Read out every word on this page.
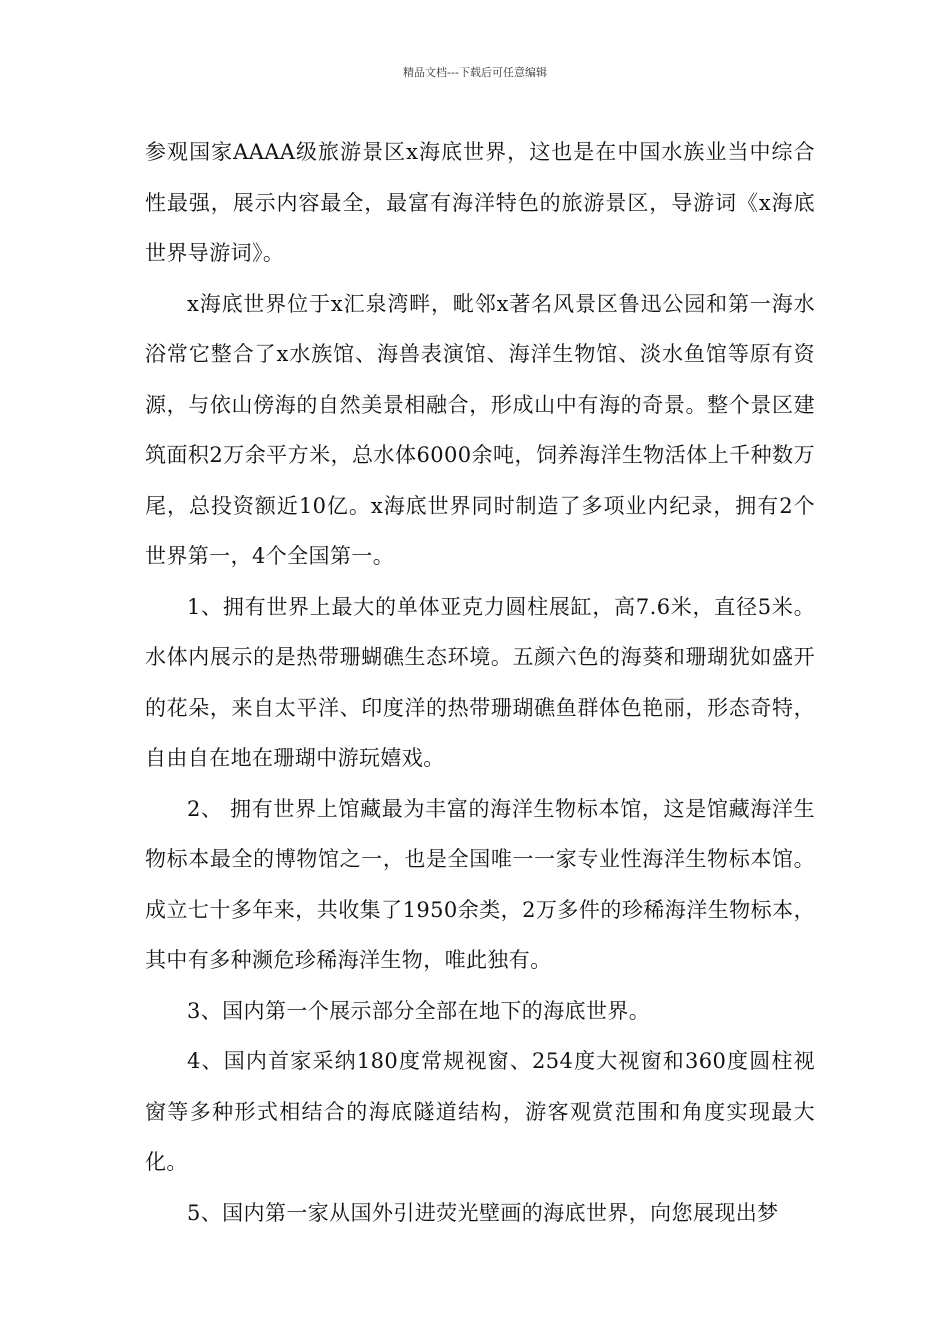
精品文档---下载后可任意编辑

参观国家AAAA级旅游景区x海底世界，这也是在中国水族业当中综合性最强，展示内容最全，最富有海洋特色的旅游景区，导游词《x海底世界导游词》。

x海底世界位于x汇泉湾畔，毗邻x著名风景区鲁迅公园和第一海水浴常它整合了x水族馆、海兽表演馆、海洋生物馆、淡水鱼馆等原有资源，与依山傍海的自然美景相融合，形成山中有海的奇景。整个景区建筑面积2万余平方米，总水体6000余吨，饲养海洋生物活体上千种数万尾，总投资额近10亿。x海底世界同时制造了多项业内纪录，拥有2个世界第一，4个全国第一。

1、拥有世界上最大的单体亚克力圆柱展缸，高7.6米，直径5米。水体内展示的是热带珊蝴礁生态环境。五颜六色的海葵和珊瑚犹如盛开的花朵，来自太平洋、印度洋的热带珊瑚礁鱼群体色艳丽，形态奇特，自由自在地在珊瑚中游玩嬉戏。

2、 拥有世界上馆藏最为丰富的海洋生物标本馆，这是馆藏海洋生物标本最全的博物馆之一，也是全国唯一一家专业性海洋生物标本馆。成立七十多年来，共收集了1950余类，2万多件的珍稀海洋生物标本，其中有多种濒危珍稀海洋生物，唯此独有。

3、国内第一个展示部分全部在地下的海底世界。

4、国内首家采纳180度常规视窗、254度大视窗和360度圆柱视窗等多种形式相结合的海底隧道结构，游客观赏范围和角度实现最大化。

5、国内第一家从国外引进荧光壁画的海底世界，向您展现出梦
